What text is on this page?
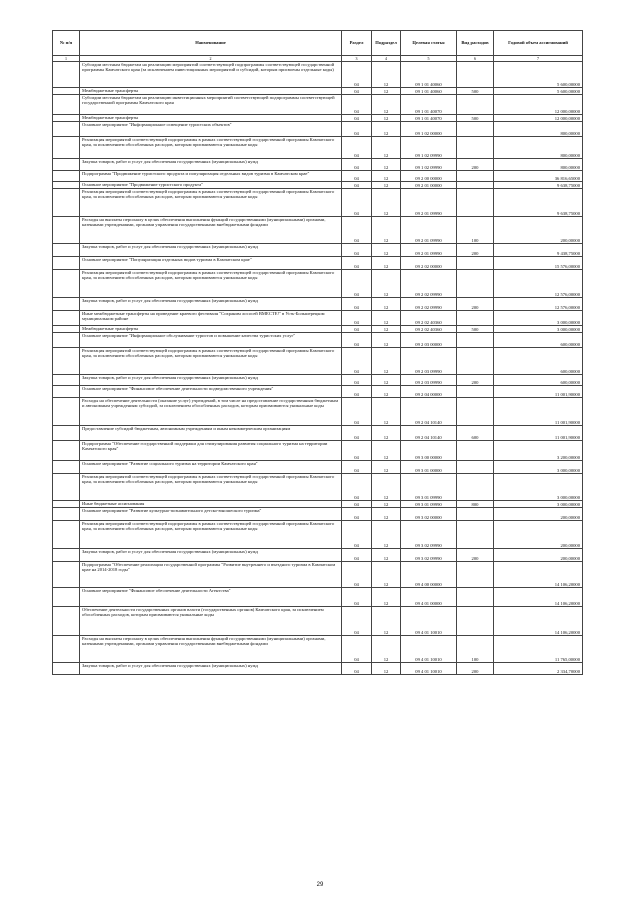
№ п/п	Наименование	Раздел	Подраздел	Целевая статья	Вид расходов	Годовой объем ассигнований
1	2	3	4	5	6	7
	Субсидии местным бюджетам на реализацию мероприятий соответствующей подпрограммы соответствующей государственной программы Камчатского края (за исключением инвестиционных мероприятий и субсидий, которым присвоены отдельные коды)	04	12	09 1 01 40060		5 600,00000
	Межбюджетные трансферты	04	12	09 1 01 40060	500	5 600,00000
	Субсидии местным бюджетам на реализацию инвестиционных мероприятий соответствующей подпрограммы соответствующей государственной программы Камчатского края	04	12	09 1 01 40070		12 000,00000
	Межбюджетные трансферты	04	12	09 1 01 40070	500	12 000,00000
	Основное мероприятие "Информационное освещение туристских объектов"	04	12	09 1 02 00000		800,00000
	Реализация мероприятий соответствующей подпрограммы в рамках соответствующей государственной программы Камчатского края, за исключением обособленных расходов, которым присваиваются уникальные коды	04	12	09 1 02 09990		800,00000
	Закупка товаров, работ и услуг для обеспечения государственных (муниципальных) нужд	04	12	09 1 02 09990	200	800,00000
	Подпрограмма "Продвижение туристского продукта и популяризация отдельных видов туризма в Камчатском крае"	04	12	09 2 00 00000		36 816,65000
	Основное мероприятие "Продвижение туристского продукта"	04	12	09 2 01 00000		9 638,75000
	Реализация мероприятий соответствующей подпрограммы в рамках соответствующей государственной программы Камчатского края, за исключением обособленных расходов, которым присваиваются уникальные коды	04	12	09 2 01 09990		9 638,75000
	Расходы на выплаты персоналу в целях обеспечения выполнения функций государственными (муниципальными) органами, казенными учреждениями, органами управления государственными внебюджетными фондами	04	12	09 2 01 09990	100	200,00000
	Закупка товаров, работ и услуг для обеспечения государственных (муниципальных) нужд	04	12	09 2 01 09990	200	9 438,75000
	Основное мероприятие "Популяризация отдельных видов туризма в Камчатском крае"	04	12	09 2 02 00000		15 576,00000
	Реализация мероприятий соответствующей подпрограммы в рамках соответствующей государственной программы Камчатского края, за исключением обособленных расходов, которым присваиваются уникальные коды	04	12	09 2 02 09990		12 576,00000
	Закупка товаров, работ и услуг для обеспечения государственных (муниципальных) нужд	04	12	09 2 02 09990	200	12 576,00000
	Иные межбюджетные трансферты на проведение краевого фестиваля "Сохраним лососей ВМЕСТЕ!" в Усть-Большерецком муниципальном районе	04	12	09 2 02 40360		3 000,00000
	Межбюджетные трансферты	04	12	09 2 02 40360	500	3 000,00000
	Основное мероприятие "Информационное обслуживание туристов и повышение качества туристских услуг"	04	12	09 2 03 00000		600,00000
	Реализация мероприятий соответствующей подпрограммы в рамках соответствующей государственной программы Камчатского края, за исключением обособленных расходов, которым присваиваются уникальные коды	04	12	09 2 03 09990		600,00000
	Закупка товаров, работ и услуг для обеспечения государственных (муниципальных) нужд	04	12	09 2 03 09990	200	600,00000
	Основное мероприятие "Финансовое обеспечение деятельности подведомственного учреждения"	04	12	09 2 04 00000		11 001,90000
	Расходы на обеспечение деятельности (оказание услуг) учреждений, в том числе на предоставление государственным бюджетным и автономным учреждениям субсидий, за исключением обособленных расходов, которым присваиваются уникальные коды	04	12	09 2 04 10140		11 001,90000
	Предоставление субсидий бюджетным, автономным учреждениям и иным некоммерческим организациям	04	12	09 2 04 10140	600	11 001,90000
	Подпрограмма "Обеспечение государственной поддержки для стимулирования развития социального туризма на территории Камчатского края"	04	12	09 3 00 00000		3 200,00000
	Основное мероприятие "Развитие социального туризма на территории Камчатского края"	04	12	09 3 01 00000		3 000,00000
	Реализация мероприятий соответствующей подпрограммы в рамках соответствующей государственной программы Камчатского края, за исключением обособленных расходов, которым присваиваются уникальные коды	04	12	09 3 01 09990		3 000,00000
	Иные бюджетные ассигнования	04	12	09 3 01 09990	800	3 000,00000
	Основное мероприятие "Развитие культурно-познавательного детско-юношеского туризма"	04	12	09 3 02 00000		200,00000
	Реализация мероприятий соответствующей подпрограммы в рамках соответствующей государственной программы Камчатского края, за исключением обособленных расходов, которым присваиваются уникальные коды	04	12	09 3 02 09990		200,00000
	Закупка товаров, работ и услуг для обеспечения государственных (муниципальных) нужд	04	12	09 3 02 09990	200	200,00000
	Подпрограмма "Обеспечение реализации государственной программы "Развитие внутреннего и въездного туризма в Камчатском крае на 2014-2018 годы"	04	12	09 4 00 00000		14 106,20000
	Основное мероприятие "Финансовое обеспечение деятельности Агентства"	04	12	09 4 01 00000		14 106,20000
	Обеспечение деятельности государственных органов власти (государственных органов) Камчатского края, за исключением обособленных расходов, которым присваиваются уникальные коды	04	12	09 4 01 10010		14 106,20000
	Расходы на выплаты персоналу в целях обеспечения выполнения функций государственными (муниципальными) органами, казенными учреждениями, органами управления государственными внебюджетными фондами	04	12	09 4 01 10010	100	11 765,00000
	Закупка товаров, работ и услуг для обеспечения государственных (муниципальных) нужд	04	12	09 4 01 10010	200	2 334,70000
29
